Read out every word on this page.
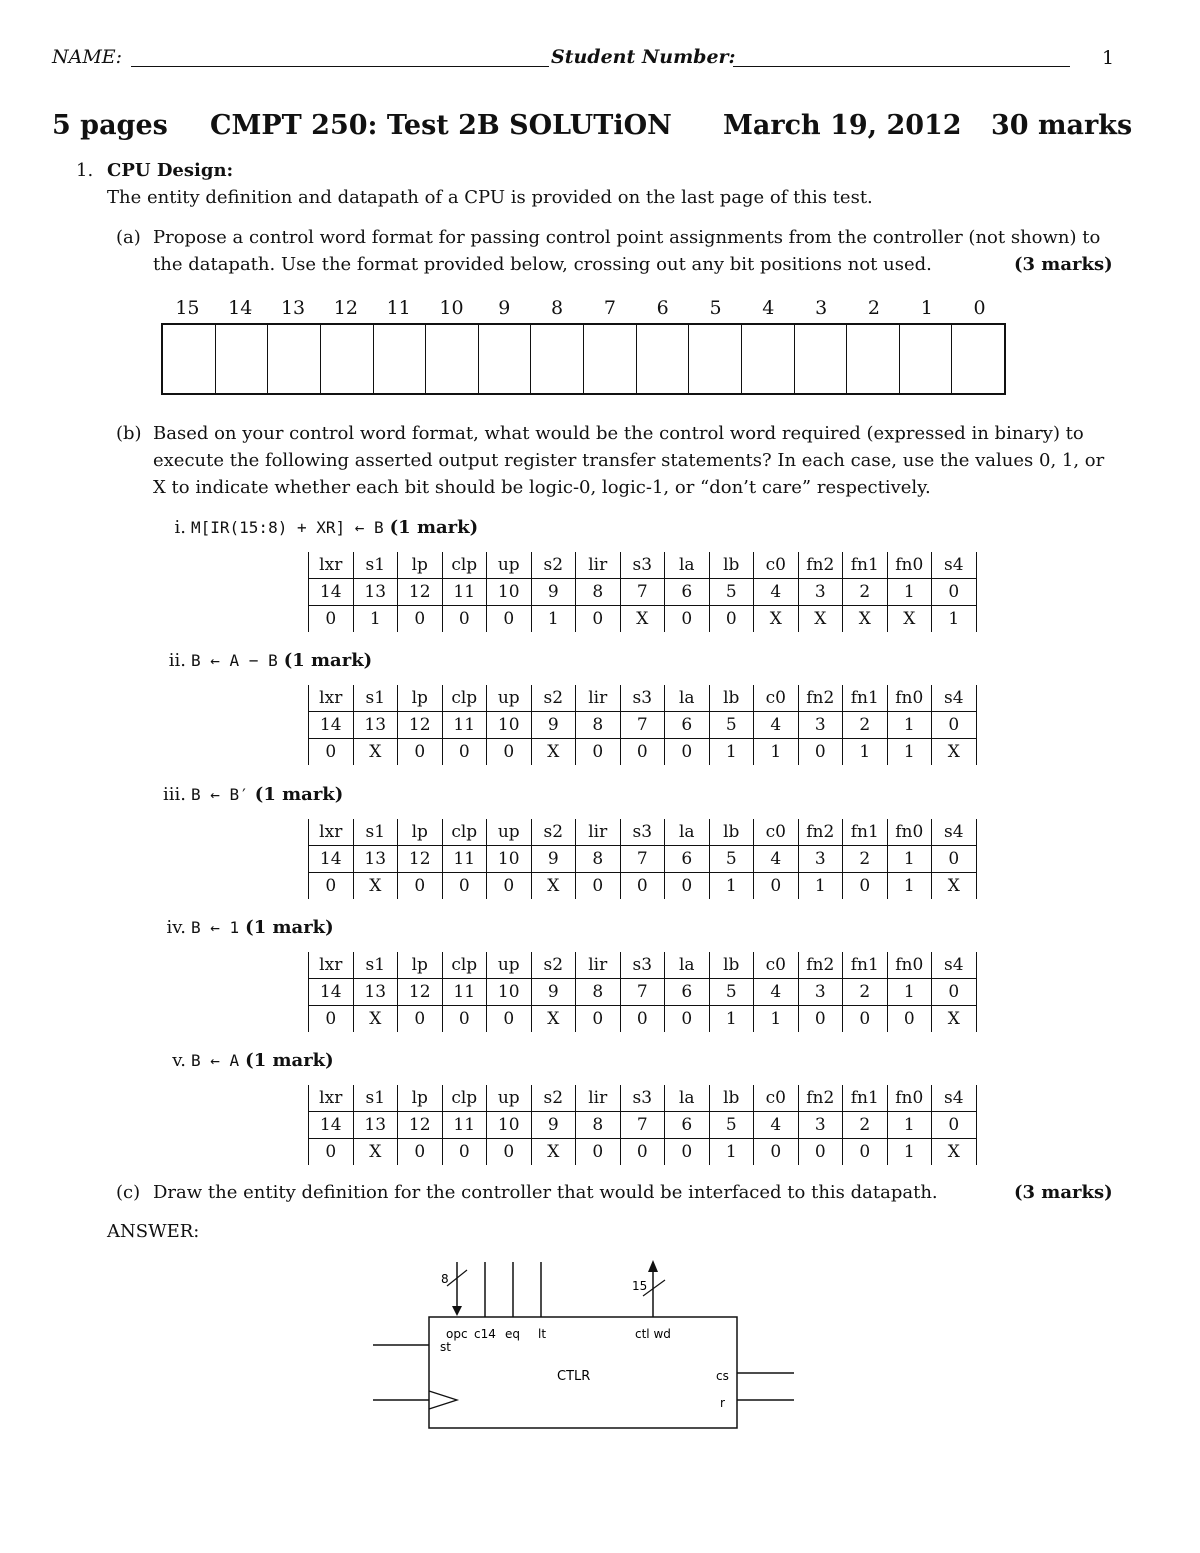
NAME:	Student Number:	1
5 pages CMPT 250: Test 2B SOLUTiON March 19, 2012 30 marks
1. CPU Design:
The entity definition and datapath of a CPU is provided on the last page of this test.
(a) Propose a control word format for passing control point assignments from the controller (not shown) to
the datapath. Use the format provided below, crossing out any bit positions not used.	(3 marks)
15	14	13	12	11	10	9	8	7	6	5	4	3	2	1	0
(b) Based on your control word format, what would be the control word required (expressed in binary) to
execute the following asserted output register transfer statements? In each case, use the values 0, 1, or
X to indicate whether each bit should be logic-0, logic-1, or “don’t care” respectively.
i. M[IR(15:8) + XR] ← B (1 mark)
lxr	s1	lp	clp	up	s2	lir	s3	la	lb	c0	fn2	fn1	fn0	s4
14	13	12	11	10	9	8	7	6	5	4	3	2	1	0
0	1	0	0	0	1	0	X	0	0	X	X	X	X	1
ii. B ← A − B (1 mark)
lxr	s1	lp	clp	up	s2	lir	s3	la	lb	c0	fn2	fn1	fn0	s4
14	13	12	11	10	9	8	7	6	5	4	3	2	1	0
0	X	0	0	0	X	0	0	0	1	1	0	1	1	X
iii. B ← B′ (1 mark)
lxr	s1	lp	clp	up	s2	lir	s3	la	lb	c0	fn2	fn1	fn0	s4
14	13	12	11	10	9	8	7	6	5	4	3	2	1	0
0	X	0	0	0	X	0	0	0	1	0	1	0	1	X
iv. B ← 1 (1 mark)
lxr	s1	lp	clp	up	s2	lir	s3	la	lb	c0	fn2	fn1	fn0	s4
14	13	12	11	10	9	8	7	6	5	4	3	2	1	0
0	X	0	0	0	X	0	0	0	1	1	0	0	0	X
v. B ← A (1 mark)
lxr	s1	lp	clp	up	s2	lir	s3	la	lb	c0	fn2	fn1	fn0	s4
14	13	12	11	10	9	8	7	6	5	4	3	2	1	0
0	X	0	0	0	X	0	0	0	1	0	0	0	1	X
(c) Draw the entity definition for the controller that would be interfaced to this datapath.	(3 marks)
ANSWER:
8	15
opc c14 eq lt	ctl wd
st
CTLR	cs
r
